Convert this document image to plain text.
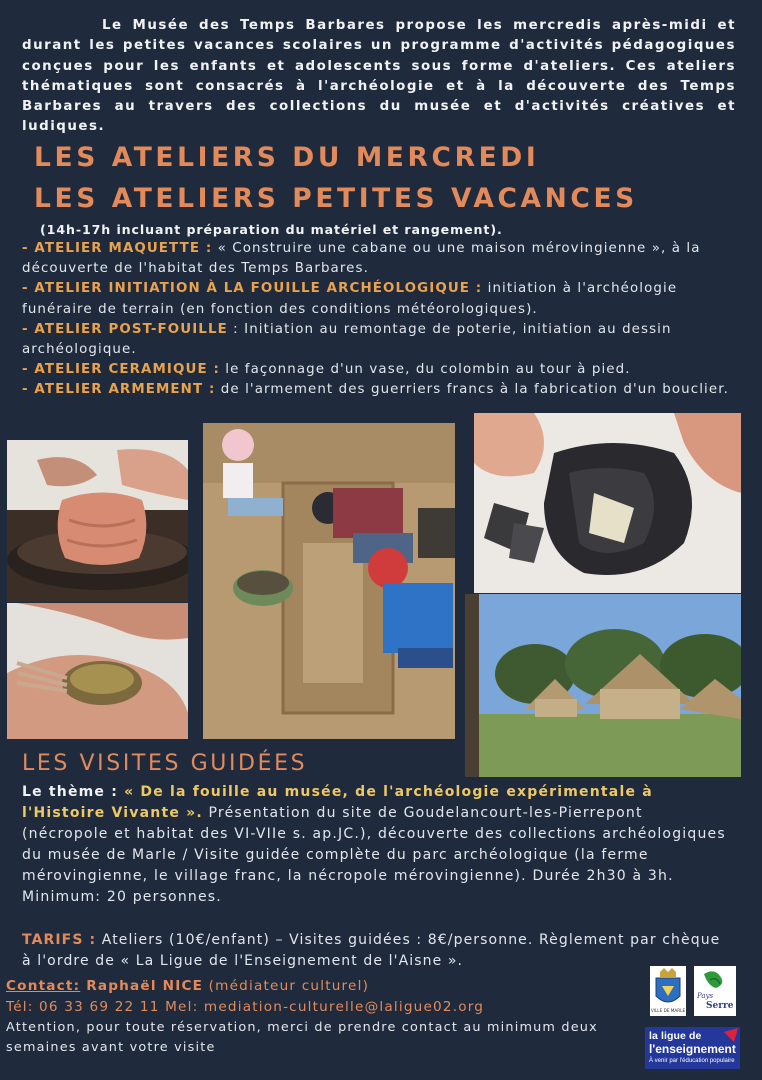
Le Musée des Temps Barbares propose les mercredis après-midi et durant les petites vacances scolaires un programme d'activités pédagogiques conçues pour les enfants et adolescents sous forme d'ateliers. Ces ateliers thématiques sont consacrés à l'archéologie et à la découverte des Temps Barbares au travers des collections du musée et d'activités créatives et ludiques.
LES ATELIERS DU MERCREDI
LES ATELIERS PETITES VACANCES
(14h-17h incluant préparation du matériel et rangement).

- ATELIER MAQUETTE : « Construire une cabane ou une maison mérovingienne », à la découverte de l'habitat des Temps Barbares.

- ATELIER INITIATION À LA FOUILLE ARCHÉOLOGIQUE : initiation à l'archéologie funéraire de terrain (en fonction des conditions météorologiques).

- ATELIER POST-FOUILLE : Initiation au remontage de poterie, initiation au dessin archéologique.

- ATELIER CERAMIQUE : le façonnage d'un vase, du colombin au tour à pied.

- ATELIER ARMEMENT : de l'armement des guerriers francs à la fabrication d'un bouclier.

LES VISITES GUIDÉES

Le thème : « De la fouille au musée, de l'archéologie expérimentale à l'Histoire Vivante ». Présentation du site de Goudelancourt-les-Pierrepont (nécropole et habitat des VI-VIIe s. ap.JC.), découverte des collections archéologiques du musée de Marle / Visite guidée complète du parc archéologique (la ferme mérovingienne, le village franc, la nécropole mérovingienne). Durée 2h30 à 3h. Minimum: 20 personnes.

TARIFS : Ateliers (10€/enfant) – Visites guidées : 8€/personne. Règlement par chèque à l'ordre de « La Ligue de l'Enseignement de l'Aisne ».

Contact: Raphaël NICE (médiateur culturel)

Tél: 06 33 69 22 11 Mel: mediation-culturelle@laligue02.org

Attention, pour toute réservation, merci de prendre contact au minimum deux semaines avant votre visite

VILLE DE MARLE
Pays
Serre
la ligue de
l'enseignement
À venir par l'éducation populaire
